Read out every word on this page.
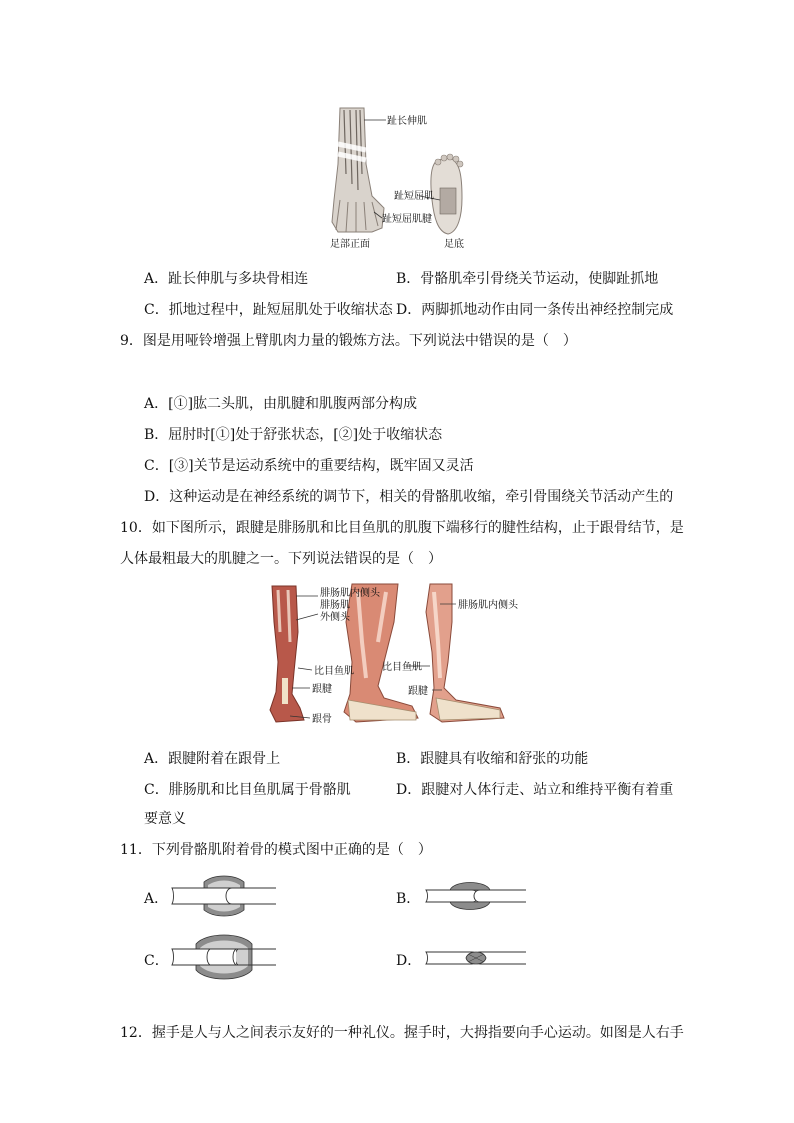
趾长伸肌
趾短屈肌
趾短屈肌腱
足部正面	足底
A．趾长伸肌与多块骨相连	B．骨骼肌牵引骨绕关节运动，使脚趾抓地
C．抓地过程中，趾短屈肌处于收缩状态 D．两脚抓地动作由同一条传出神经控制完成
9．图是用哑铃增强上臂肌肉力量的锻炼方法。下列说法中错误的是（　）
A．[①]肱二头肌，由肌腱和肌腹两部分构成
B．屈肘时[①]处于舒张状态，[②]处于收缩状态
C．[③]关节是运动系统中的重要结构，既牢固又灵活
D．这种运动是在神经系统的调节下，相关的骨骼肌收缩，牵引骨围绕关节活动产生的
10．如下图所示，跟腱是腓肠肌和比目鱼肌的肌腹下端移行的腱性结构，止于跟骨结节，是
人体最粗最大的肌腱之一。下列说法错误的是（　）
腓肠肌内侧头
腓肠肌
外侧头
比目鱼肌
跟腱
跟骨
腓肠肌内侧头
比目鱼肌
跟腱
A．跟腱附着在跟骨上	B．跟腱具有收缩和舒张的功能
C．腓肠肌和比目鱼肌属于骨骼肌	D．跟腱对人体行走、站立和维持平衡有着重
要意义
11．下列骨骼肌附着骨的模式图中正确的是（　）
A．	B．
C．	D．
12．握手是人与人之间表示友好的一种礼仪。握手时，大拇指要向手心运动。如图是人右手
